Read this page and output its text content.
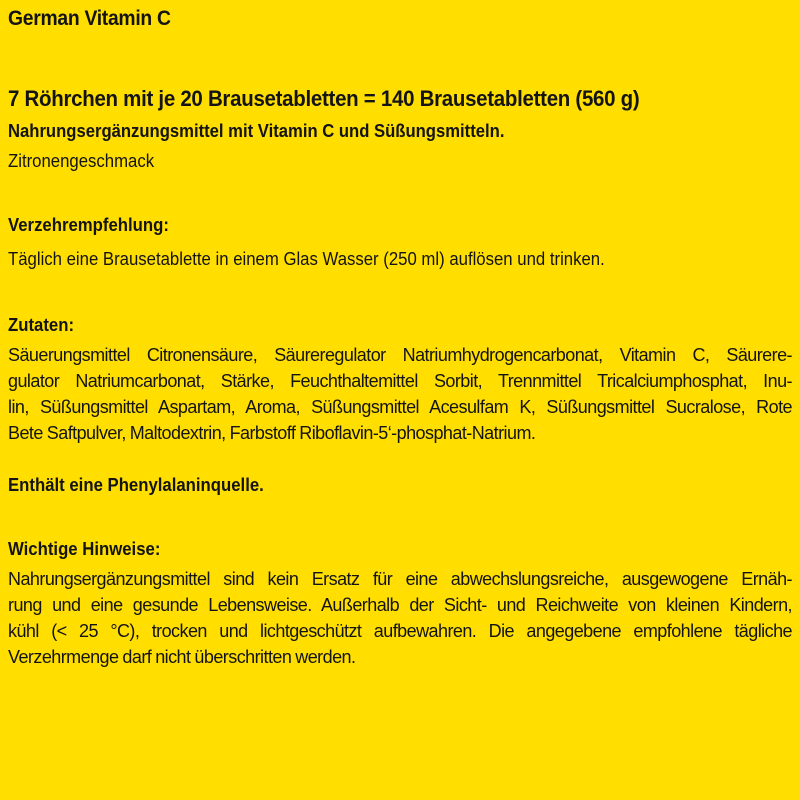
German Vitamin C
7 Röhrchen mit je 20 Brausetabletten = 140 Brausetabletten (560 g)

Nahrungsergänzungsmittel mit Vitamin C und Süßungsmitteln.

Zitronengeschmack

Verzehrempfehlung:

Täglich eine Brausetablette in einem Glas Wasser (250 ml) auflösen und trinken.

Zutaten:

Säuerungsmittel Citronensäure, Säureregulator Natriumhydrogencarbonat, Vitamin C, Säurere-
gulator Natriumcarbonat, Stärke, Feuchthaltemittel Sorbit, Trennmittel Tricalciumphosphat, Inu-
lin, Süßungsmittel Aspartam, Aroma, Süßungsmittel Acesulfam K, Süßungsmittel Sucralose, Rote
Bete Saftpulver, Maltodextrin, Farbstoff Riboflavin-5‘-phosphat-Natrium.

Enthält eine Phenylalaninquelle.

Wichtige Hinweise:

Nahrungsergänzungsmittel sind kein Ersatz für eine abwechslungsreiche, ausgewogene Ernäh-
rung und eine gesunde Lebensweise. Außerhalb der Sicht- und Reichweite von kleinen Kindern,
kühl (< 25 °C), trocken und lichtgeschützt aufbewahren. Die angegebene empfohlene tägliche
Verzehrmenge darf nicht überschritten werden.
